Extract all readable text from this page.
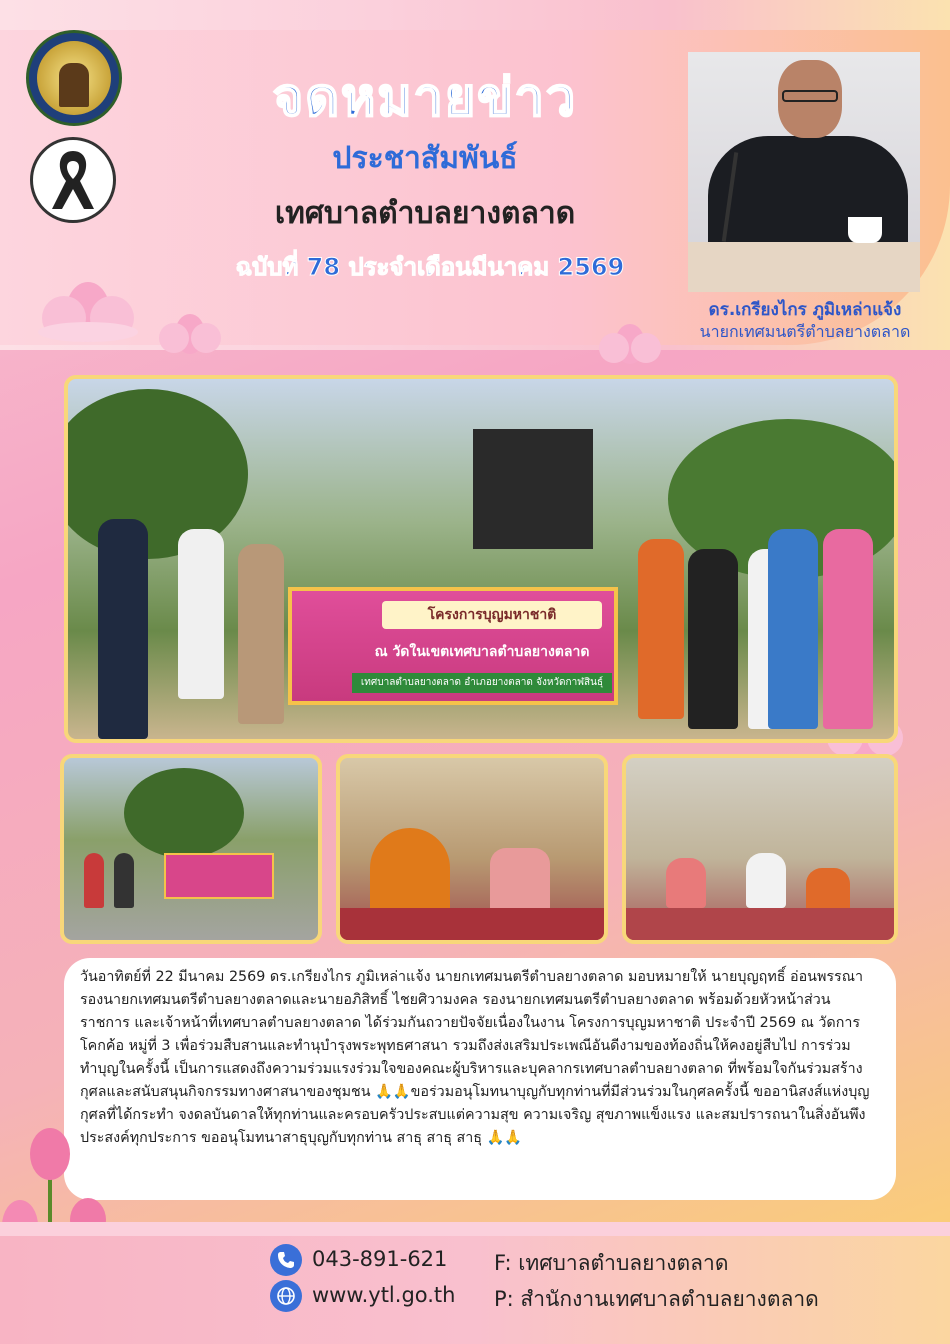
จดหมายข่าว
ประชาสัมพันธ์
เทศบาลตำบลยางตลาด
ฉบับที่ 78 ประจำเดือนมีนาคม 2569
ดร.เกรียงไกร ภูมิเหล่าแจ้ง
นายกเทศมนตรีตำบลยางตลาด
โครงการบุญมหาชาติ
ณ วัดในเขตเทศบาลตำบลยางตลาด
เทศบาลตำบลยางตลาด อำเภอยางตลาด จังหวัดกาฬสินธุ์

วันอาทิตย์ที่ 22 มีนาคม 2569 ดร.เกรียงไกร ภูมิเหล่าแจ้ง นายกเทศมนตรีตำบลยางตลาด มอบหมายให้ นายบุญฤทธิ์ อ่อนพรรณา รองนายกเทศมนตรีตำบลยางตลาดและนายอภิสิทธิ์ ไชยศิวามงคล รองนายกเทศมนตรีตำบลยางตลาด พร้อมด้วยหัวหน้าส่วนราชการ และเจ้าหน้าที่เทศบาลตำบลยางตลาด ได้ร่วมกันถวายปัจจัยเนื่องในงาน โครงการบุญมหาชาติ ประจำปี 2569 ณ วัดการโคกค้อ หมู่ที่ 3 เพื่อร่วมสืบสานและทำนุบำรุงพระพุทธศาสนา รวมถึงส่งเสริมประเพณีอันดีงามของท้องถิ่นให้คงอยู่สืบไป การร่วมทำบุญในครั้งนี้ เป็นการแสดงถึงความร่วมแรงร่วมใจของคณะผู้บริหารและบุคลากรเทศบาลตำบลยางตลาด ที่พร้อมใจกันร่วมสร้างกุศลและสนับสนุนกิจกรรมทางศาสนาของชุมชน 🙏🙏ขอร่วมอนุโมทนาบุญกับทุกท่านที่มีส่วนร่วมในกุศลครั้งนี้ ขออานิสงส์แห่งบุญกุศลที่ได้กระทำ จงดลบันดาลให้ทุกท่านและครอบครัวประสบแต่ความสุข ความเจริญ สุขภาพแข็งแรง และสมปรารถนาในสิ่งอันพึงประสงค์ทุกประการ ขออนุโมทนาสาธุบุญกับทุกท่าน สาธุ สาธุ สาธุ 🙏🙏

043-891-621
www.ytl.go.th
F: เทศบาลตำบลยางตลาด
P: สำนักงานเทศบาลตำบลยางตลาด
